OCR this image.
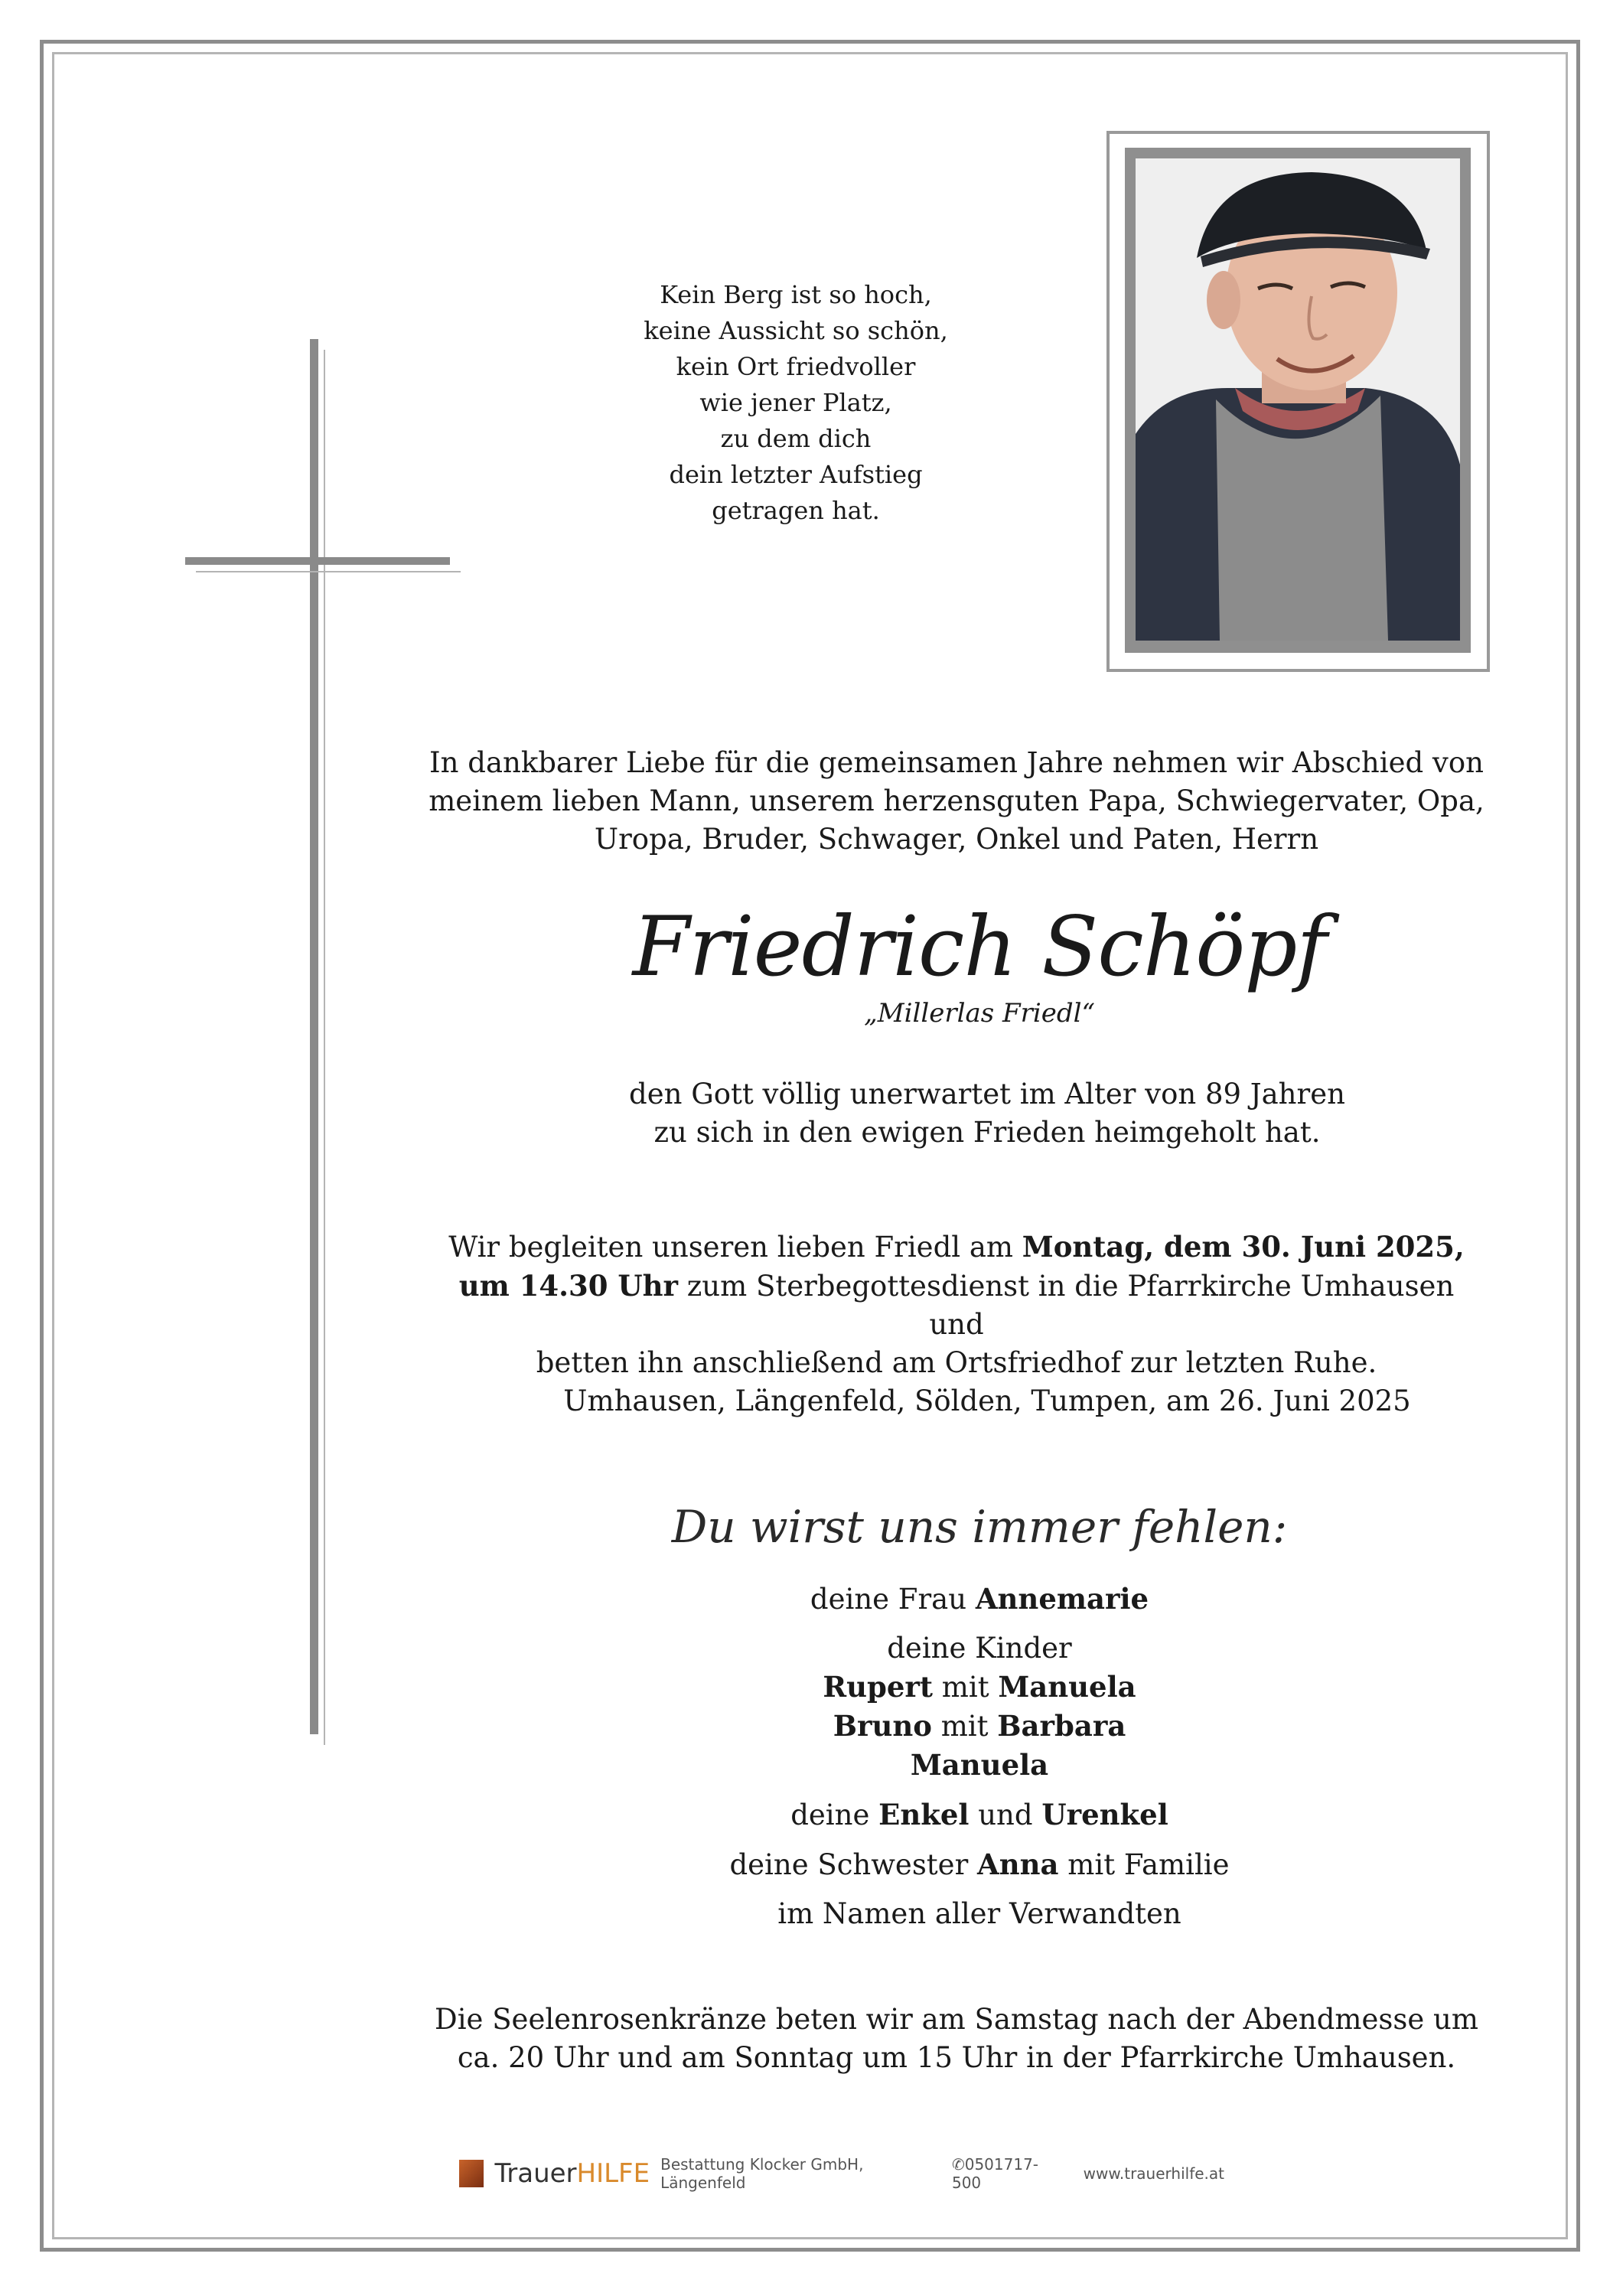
Kein Berg ist so hoch,
keine Aussicht so schön,
kein Ort friedvoller
wie jener Platz,
zu dem dich
dein letzter Aufstieg
getragen hat.
In dankbarer Liebe für die gemeinsamen Jahre nehmen wir Abschied von
meinem lieben Mann, unserem herzensguten Papa, Schwiegervater, Opa,
Uropa, Bruder, Schwager, Onkel und Paten, Herrn
Friedrich Schöpf
„Millerlas Friedl“
den Gott völlig unerwartet im Alter von 89 Jahren
zu sich in den ewigen Frieden heimgeholt hat.
Wir begleiten unseren lieben Friedl am Montag, dem 30. Juni 2025,
um 14.30 Uhr zum Sterbegottesdienst in die Pfarrkirche Umhausen und
betten ihn anschließend am Ortsfriedhof zur letzten Ruhe.
Umhausen, Längenfeld, Sölden, Tumpen, am 26. Juni 2025
Du wirst uns immer fehlen:
deine Frau Annemarie
deine Kinder
Rupert mit Manuela
Bruno mit Barbara
Manuela
deine Enkel und Urenkel
deine Schwester Anna mit Familie
im Namen aller Verwandten
Die Seelenrosenkränze beten wir am Samstag nach der Abendmesse um
ca. 20 Uhr und am Sonntag um 15 Uhr in der Pfarrkirche Umhausen.
TrauerHILFE Bestattung Klocker GmbH, Längenfeld
✆0501717-500	www.trauerhilfe.at
